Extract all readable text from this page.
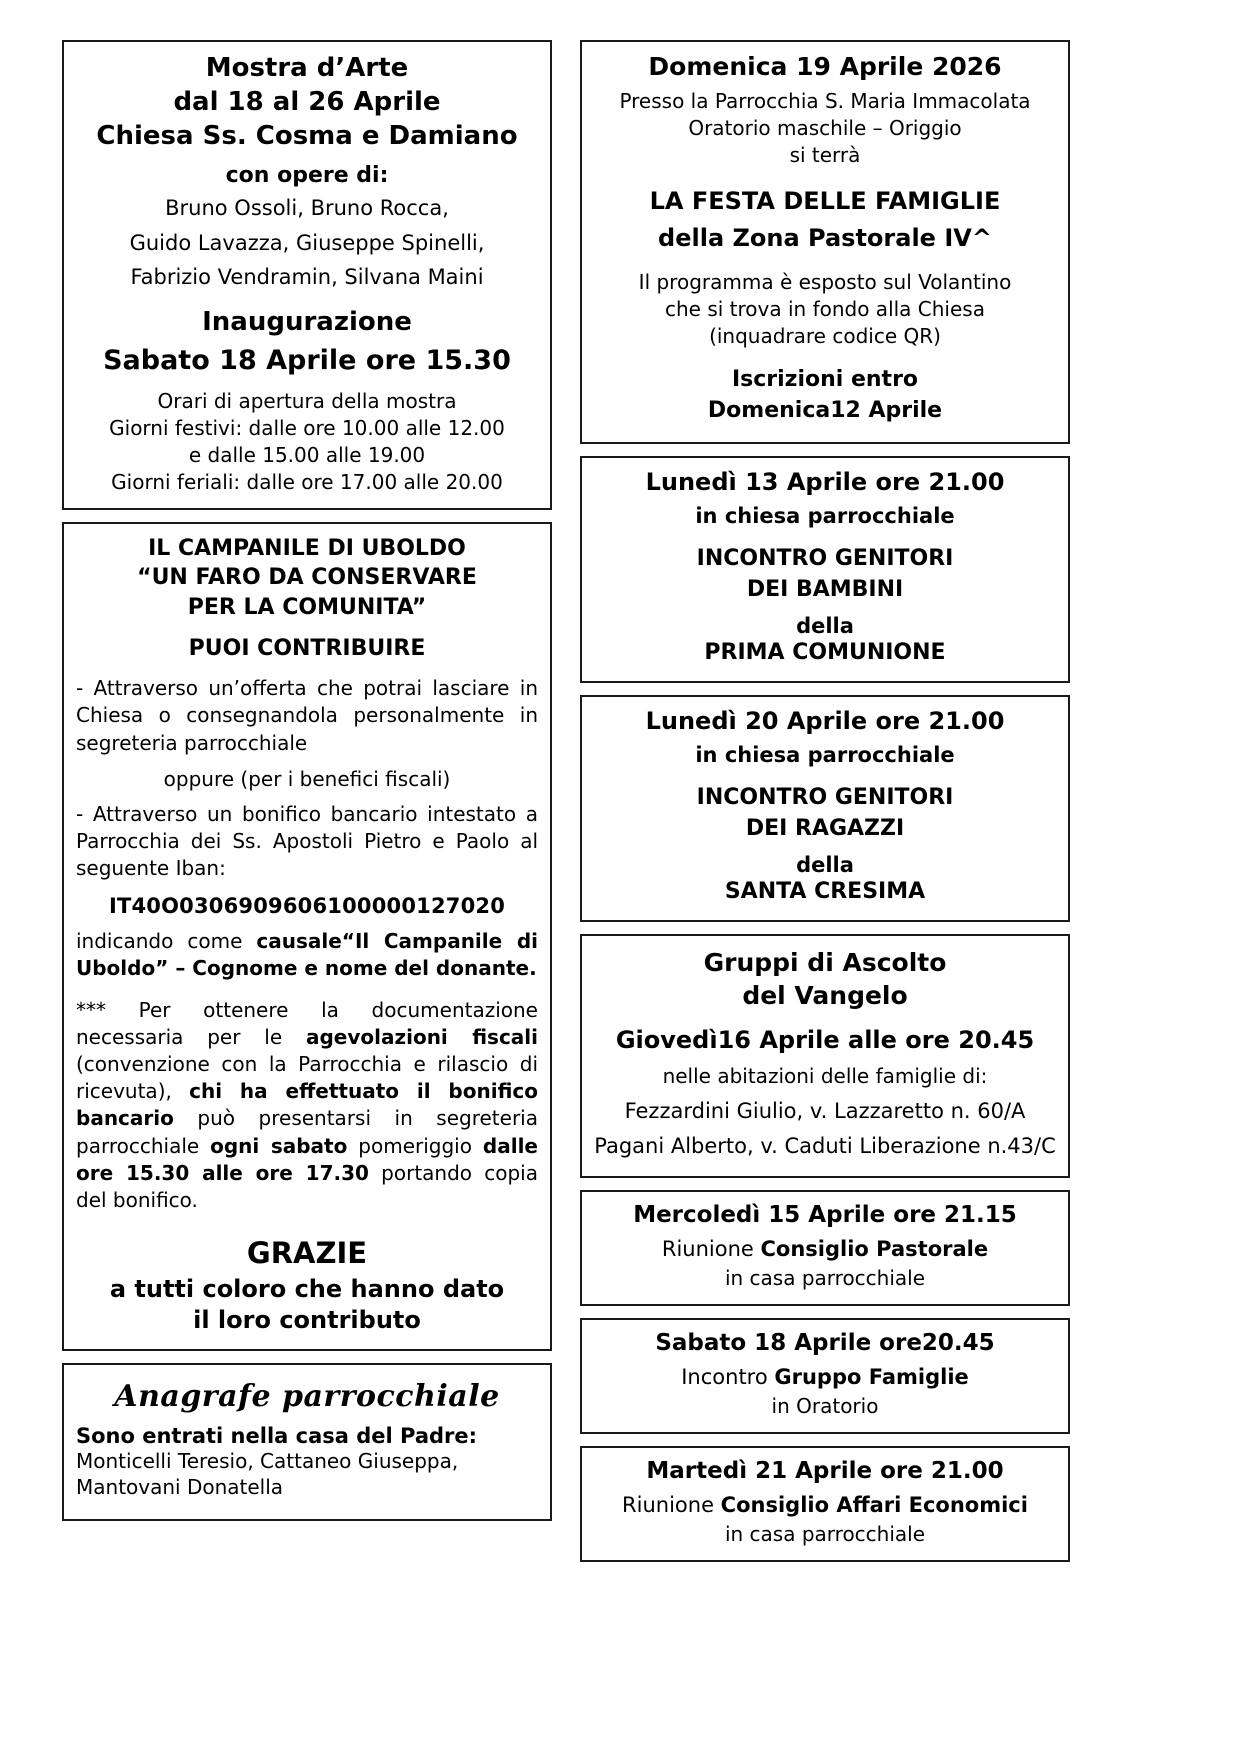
Mostra d’Arte

dal 18 al 26 Aprile

Chiesa Ss. Cosma e Damiano

con opere di:

Bruno Ossoli, Bruno Rocca,

Guido Lavazza, Giuseppe Spinelli,

Fabrizio Vendramin, Silvana Maini

Inaugurazione

Sabato 18 Aprile ore 15.30

Orari di apertura della mostra

Giorni festivi: dalle ore 10.00 alle 12.00

e dalle 15.00 alle 19.00

Giorni feriali: dalle ore 17.00 alle 20.00

IL CAMPANILE DI UBOLDO

“UN FARO DA CONSERVARE

PER LA COMUNITA”

PUOI CONTRIBUIRE

- Attraverso un’offerta che potrai lasciare in Chiesa o consegnandola personalmente in segreteria parrocchiale

oppure (per i benefici fiscali)

- Attraverso un bonifico bancario intestato a Parrocchia dei Ss. Apostoli Pietro e Paolo al seguente Iban:

IT40O0306909606100000127020

indicando come causale“Il Campanile di Uboldo” – Cognome e nome del donante.

*** Per ottenere la documentazione necessaria per le agevolazioni fiscali (convenzione con la Parrocchia e rilascio di ricevuta), chi ha effettuato il bonifico bancario può presentarsi in segreteria parrocchiale ogni sabato pomeriggio dalle ore 15.30 alle ore 17.30 portando copia del bonifico.

GRAZIE

a tutti coloro che hanno dato

il loro contributo

Anagrafe parrocchiale

Sono entrati nella casa del Padre:

Monticelli Teresio, Cattaneo Giuseppa,

Mantovani Donatella

Domenica 19 Aprile 2026

Presso la Parrocchia S. Maria Immacolata

Oratorio maschile – Origgio

si terrà

LA FESTA DELLE FAMIGLIE

della Zona Pastorale IV^

Il programma è esposto sul Volantino

che si trova in fondo alla Chiesa

(inquadrare codice QR)

Iscrizioni entro

Domenica12 Aprile

Lunedì 13 Aprile ore 21.00

in chiesa parrocchiale

INCONTRO GENITORI

DEI BAMBINI

della

PRIMA COMUNIONE

Lunedì 20 Aprile ore 21.00

in chiesa parrocchiale

INCONTRO GENITORI

DEI RAGAZZI

della

SANTA CRESIMA

Gruppi di Ascolto

del Vangelo

Giovedì16 Aprile alle ore 20.45

nelle abitazioni delle famiglie di:

Fezzardini Giulio, v. Lazzaretto n. 60/A

Pagani Alberto, v. Caduti Liberazione n.43/C

Mercoledì 15 Aprile ore 21.15

Riunione Consiglio Pastorale

in casa parrocchiale

Sabato 18 Aprile ore20.45

Incontro Gruppo Famiglie

in Oratorio

Martedì 21 Aprile ore 21.00

Riunione Consiglio Affari Economici

in casa parrocchiale
